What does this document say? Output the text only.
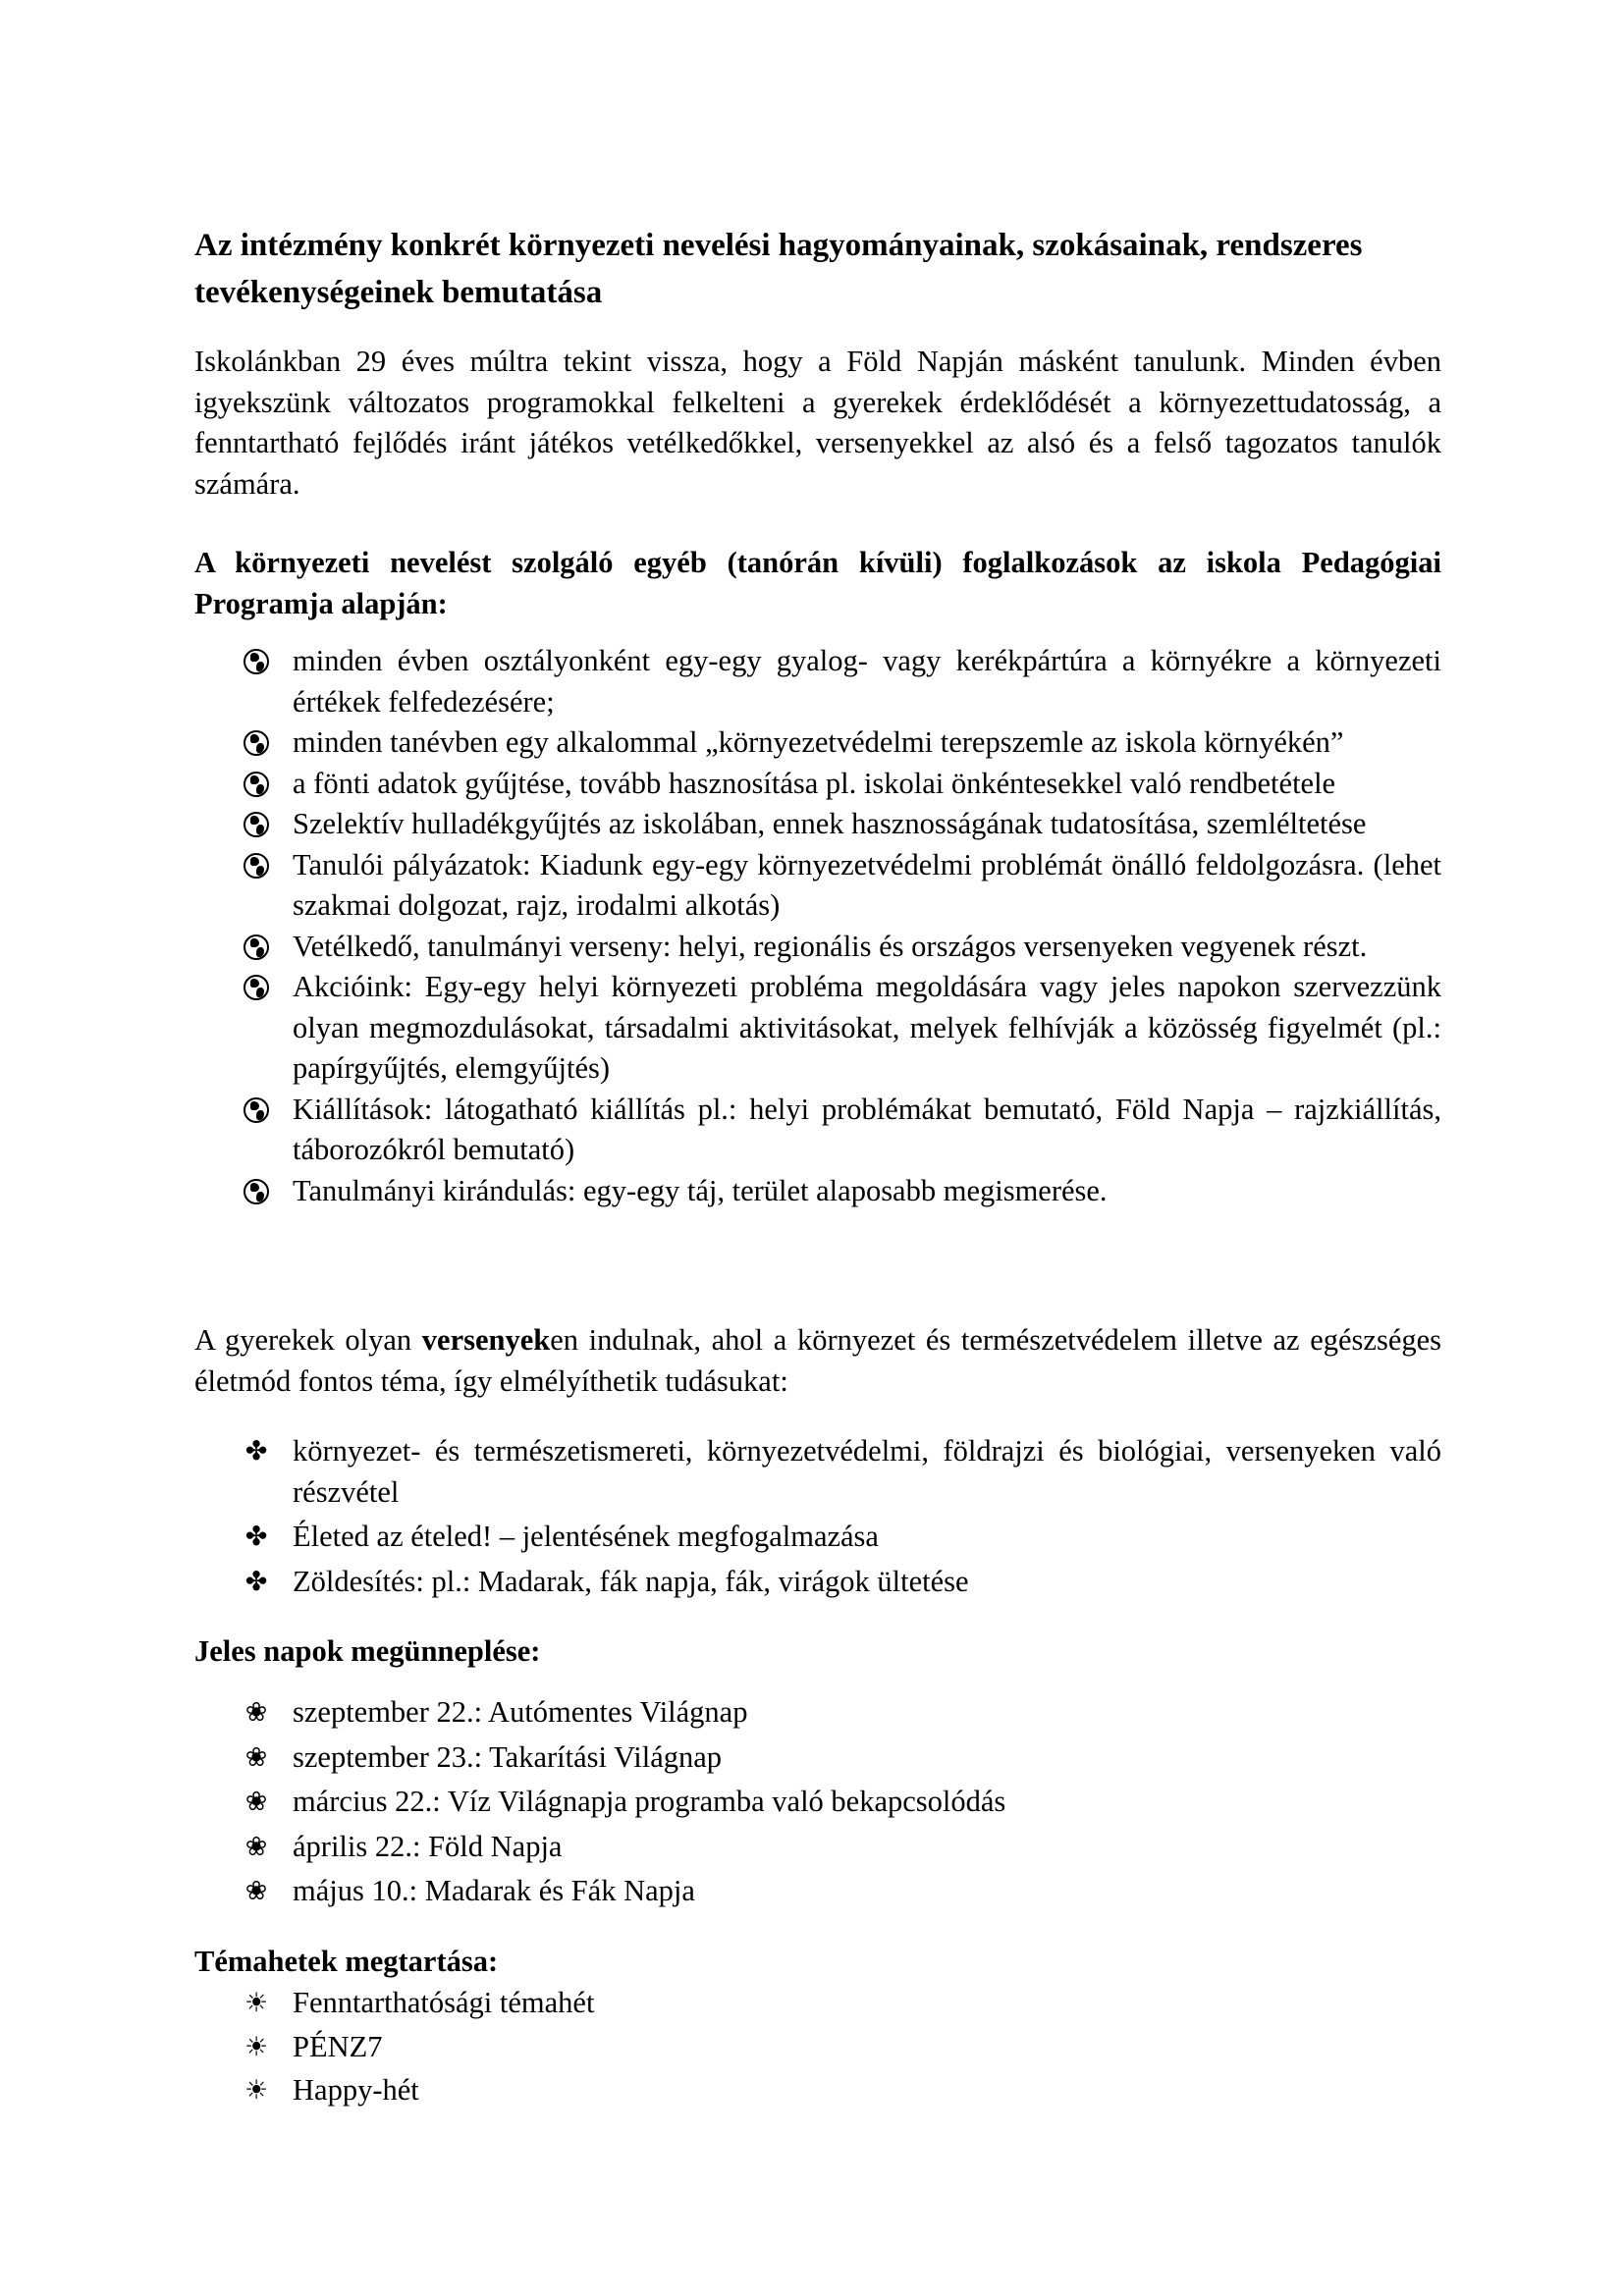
Az intézmény konkrét környezeti nevelési hagyományainak, szokásainak, rendszeres tevékenységeinek bemutatása

Iskolánkban 29 éves múltra tekint vissza, hogy a Föld Napján másként tanulunk. Minden évben igyekszünk változatos programokkal felkelteni a gyerekek érdeklődését a környezettudatosság, a fenntartható fejlődés iránt játékos vetélkedőkkel, versenyekkel az alsó és a felső tagozatos tanulók számára.

A környezeti nevelést szolgáló egyéb (tanórán kívüli) foglalkozások az iskola Pedagógiai Programja alapján:

minden évben osztályonként egy-egy gyalog- vagy kerékpártúra a környékre a környezeti értékek felfedezésére;
minden tanévben egy alkalommal „környezetvédelmi terepszemle az iskola környékén”
a fönti adatok gyűjtése, tovább hasznosítása pl. iskolai önkéntesekkel való rendbetétele
Szelektív hulladékgyűjtés az iskolában, ennek hasznosságának tudatosítása, szemléltetése
Tanulói pályázatok: Kiadunk egy-egy környezetvédelmi problémát önálló feldolgozásra. (lehet szakmai dolgozat, rajz, irodalmi alkotás)
Vetélkedő, tanulmányi verseny: helyi, regionális és országos versenyeken vegyenek részt.
Akcióink: Egy-egy helyi környezeti probléma megoldására vagy jeles napokon szervezzünk olyan megmozdulásokat, társadalmi aktivitásokat, melyek felhívják a közösség figyelmét (pl.: papírgyűjtés, elemgyűjtés)
Kiállítások: látogatható kiállítás pl.: helyi problémákat bemutató, Föld Napja – rajzkiállítás, táborozókról bemutató)
Tanulmányi kirándulás: egy-egy táj, terület alaposabb megismerése.

A gyerekek olyan versenyeken indulnak, ahol a környezet és természetvédelem illetve az egészséges életmód fontos téma, így elmélyíthetik tudásukat:

✤ környezet- és természetismereti, környezetvédelmi, földrajzi és biológiai, versenyeken való részvétel
✤ Életed az ételed! – jelentésének megfogalmazása
✤ Zöldesítés: pl.: Madarak, fák napja, fák, virágok ültetése

Jeles napok megünneplése:

❀ szeptember 22.: Autómentes Világnap
❀ szeptember 23.: Takarítási Világnap
❀ március 22.: Víz Világnapja programba való bekapcsolódás
❀ április 22.: Föld Napja
❀ május 10.: Madarak és Fák Napja

Témahetek megtartása:

☀ Fenntarthatósági témahét
☀ PÉNZ7
☀ Happy-hét
